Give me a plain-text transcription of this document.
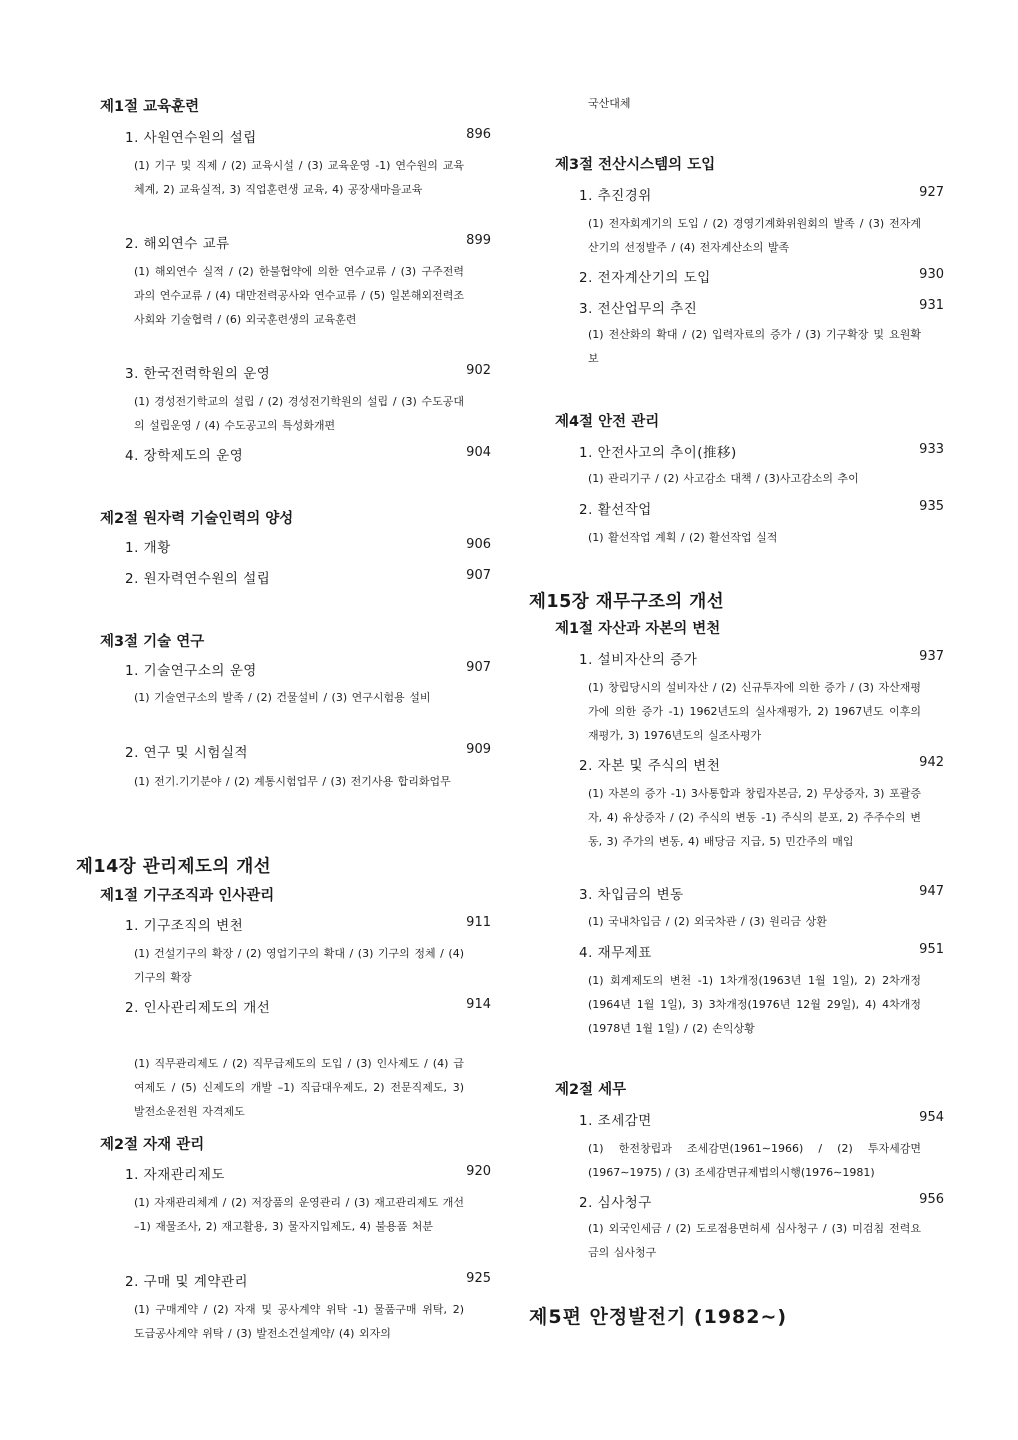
제1절 교육훈련
1. 사원연수원의 설립	896
(1) 기구 및 직제 / (2) 교육시설 / (3) 교육운영 -1) 연수원의 교육체계, 2) 교육실적, 3) 직업훈련생 교육, 4) 공장새마을교육
2. 해외연수 교류	899
(1) 해외연수 실적 / (2) 한불협약에 의한 연수교류 / (3) 구주전력과의 연수교류 / (4) 대만전력공사와 연수교류 / (5) 일본해외전력조사회와 기술협력 / (6) 외국훈련생의 교육훈련
3. 한국전력학원의 운영	902
(1) 경성전기학교의 설립 / (2) 경성전기학원의 설립 / (3) 수도공대의 설립운영 / (4) 수도공고의 특성화개편
4. 장학제도의 운영	904
제2절 원자력 기술인력의 양성
1. 개황	906
2. 원자력연수원의 설립	907
제3절 기술 연구
1. 기술연구소의 운영	907
(1) 기술연구소의 발족 / (2) 건물설비 / (3) 연구시험용 설비
2. 연구 및 시험실적	909
(1) 전기.기기분야 / (2) 계통시험업무 / (3) 전기사용 합리화업무
제14장 관리제도의 개선
제1절 기구조직과 인사관리
1. 기구조직의 변천	911
(1) 건설기구의 확장 / (2) 영업기구의 확대 / (3) 기구의 정체 / (4) 기구의 확장
2. 인사관리제도의 개선	914
(1) 직무관리제도 / (2) 직무급제도의 도입 / (3) 인사제도 / (4) 급여제도 / (5) 신제도의 개발 –1) 직급대우제도, 2) 전문직제도, 3) 발전소운전원 자격제도
제2절 자재 관리
1. 자재관리제도	920
(1) 자재관리체계 / (2) 저장품의 운영관리 / (3) 재고관리제도 개선 –1) 재물조사, 2) 재고활용, 3) 물자지입제도, 4) 불용품 처분
2. 구매 및 계약관리	925
(1) 구매계약 / (2) 자재 및 공사계약 위탁 -1) 물품구매 위탁, 2) 도급공사계약 위탁 / (3) 발전소건설계약/ (4) 외자의
국산대체
제3절 전산시스템의 도입
1. 추진경위	927
(1) 전자회계기의 도입 / (2) 경영기계화위원회의 발족 / (3) 전자계산기의 선정발주 / (4) 전자계산소의 발족
2. 전자계산기의 도입	930
3. 전산업무의 추진	931
(1) 전산화의 확대 / (2) 입력자료의 증가 / (3) 기구확장 및 요원확보
제4절 안전 관리
1. 안전사고의 추이(推移)	933
(1) 관리기구 / (2) 사고감소 대책 / (3)사고감소의 추이
2. 활선작업	935
(1) 활선작업 계획 / (2) 활선작업 실적
제15장 재무구조의 개선
제1절 자산과 자본의 변천
1. 설비자산의 증가	937
(1) 창립당시의 설비자산 / (2) 신규투자에 의한 증가 / (3) 자산재평가에 의한 증가 -1) 1962년도의 실사재평가, 2) 1967년도 이후의 재평가, 3) 1976년도의 실조사평가
2. 자본 및 주식의 변천	942
(1) 자본의 증가 -1) 3사통합과 창립자본금, 2) 무상증자, 3) 포괄증자, 4) 유상증자 / (2) 주식의 변동 -1) 주식의 분포, 2) 주주수의 변동, 3) 주가의 변동, 4) 배당금 지급, 5) 민간주의 매입
3. 차입금의 변동	947
(1) 국내차입금 / (2) 외국차관 / (3) 원리금 상환
4. 재무제표	951
(1) 회계제도의 변천 -1) 1차개정(1963년 1월 1일), 2) 2차개정(1964년 1월 1일), 3) 3차개정(1976년 12월 29일), 4) 4차개정(1978년 1월 1일) / (2) 손익상황
제2절 세무
1. 조세감면	954
(1) 한전창립과 조세감면(1961∼1966) / (2) 투자세감면(1967∼1975) / (3) 조세감면규제법의시행(1976∼1981)
2. 심사청구	956
(1) 외국인세금 / (2) 도로점용면허세 심사청구 / (3) 미검침 전력요금의 심사청구
제5편 안정발전기 (1982∼)
